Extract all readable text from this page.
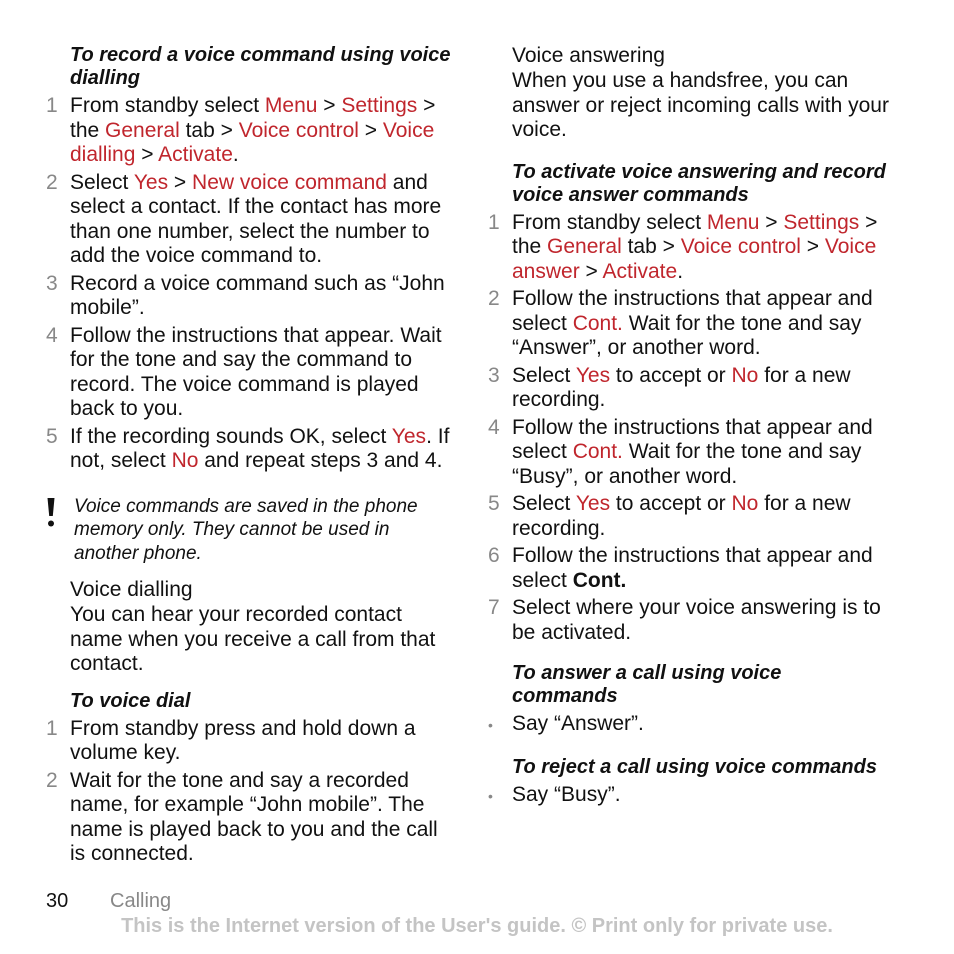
To record a voice command using voice dialling
1 From standby select Menu > Settings > the General tab > Voice control > Voice dialling > Activate.
2 Select Yes > New voice command and select a contact. If the contact has more than one number, select the number to add the voice command to.
3 Record a voice command such as “John mobile”.
4 Follow the instructions that appear. Wait for the tone and say the command to record. The voice command is played back to you.
5 If the recording sounds OK, select Yes. If not, select No and repeat steps 3 and 4.
Voice commands are saved in the phone memory only. They cannot be used in another phone.
Voice dialling
You can hear your recorded contact name when you receive a call from that contact.
To voice dial
1 From standby press and hold down a volume key.
2 Wait for the tone and say a recorded name, for example “John mobile”. The name is played back to you and the call is connected.
Voice answering
When you use a handsfree, you can answer or reject incoming calls with your voice.
To activate voice answering and record voice answer commands
1 From standby select Menu > Settings > the General tab > Voice control > Voice answer > Activate.
2 Follow the instructions that appear and select Cont. Wait for the tone and say “Answer”, or another word.
3 Select Yes to accept or No for a new recording.
4 Follow the instructions that appear and select Cont. Wait for the tone and say “Busy”, or another word.
5 Select Yes to accept or No for a new recording.
6 Follow the instructions that appear and select Cont.
7 Select where your voice answering is to be activated.
To answer a call using voice commands
• Say “Answer”.
To reject a call using voice commands
• Say “Busy”.
30 Calling
This is the Internet version of the User's guide. © Print only for private use.
